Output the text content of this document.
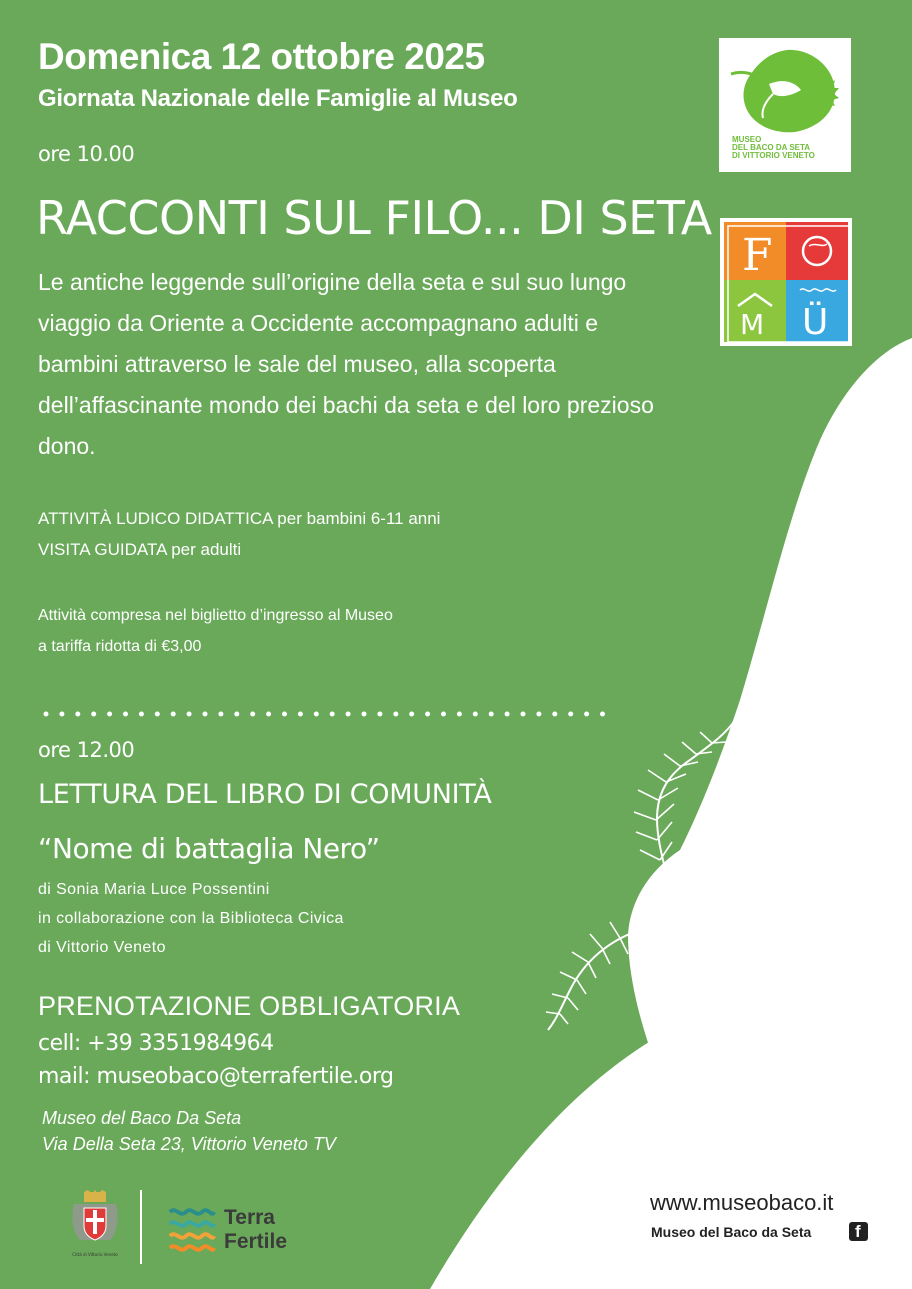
Domenica 12 ottobre 2025
Giornata Nazionale delle Famiglie al Museo
ore 10.00
RACCONTI SUL FILO... DI SETA
Le antiche leggende sull’origine della seta e sul suo lungo viaggio da Oriente a Occidente accompagnano adulti e bambini attraverso le sale del museo, alla scoperta dell’affascinante mondo dei bachi da seta e del loro prezioso dono.
ATTIVITÀ LUDICO DIDATTICA per bambini 6-11 anni
VISITA GUIDATA per adulti
Attività compresa nel biglietto d’ingresso al Museo
a tariffa ridotta di €3,00
ore 12.00
LETTURA DEL LIBRO DI COMUNITÀ
“Nome di battaglia Nero”
di Sonia Maria Luce Possentini
in collaborazione con la Biblioteca Civica
di Vittorio Veneto
PRENOTAZIONE OBBLIGATORIA
cell: +39 3351984964
mail: museobaco@terrafertile.org
Museo del Baco Da Seta
Via Della Seta 23, Vittorio Veneto TV
MUSEO
DEL BACO DA SETA
DI VITTORIO VENETO
F
M Ü
Città di Vittorio Veneto
Terra
Fertile
www.museobaco.it
Museo del Baco da Seta	f
